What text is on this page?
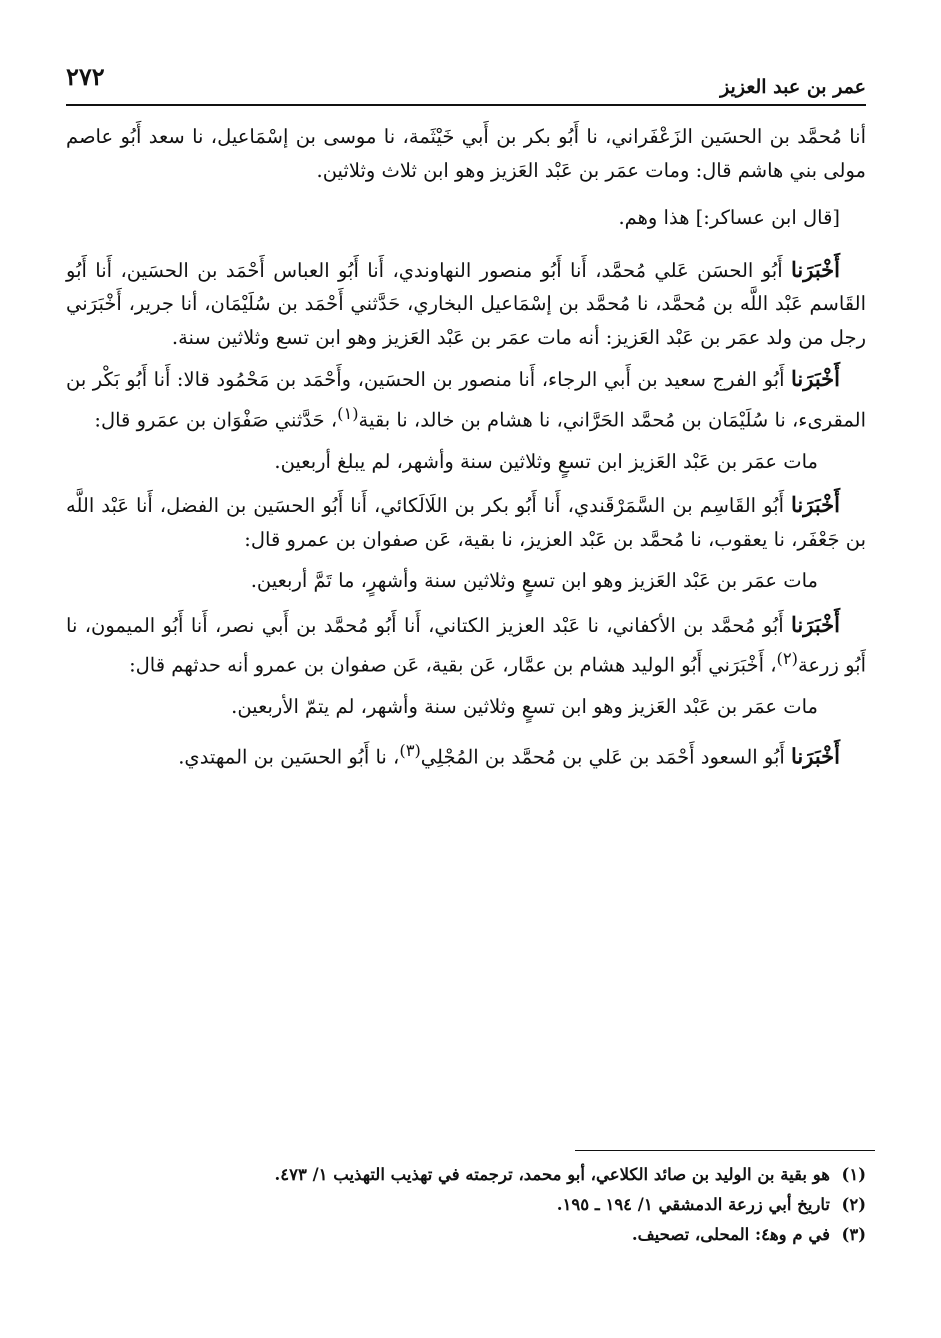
٢٧٢	عمر بن عبد العزيز

أنا مُحمَّد بن الحسَين الزَعْفَراني، نا أَبُو بكر بن أَبي خَيْثَمة، نا موسى بن إسْمَاعيل، نا سعد أَبُو عاصم مولى بني هاشم قال: ومات عمَر بن عَبْد العَزيز وهو ابن ثلاث وثلاثين.

[قال ابن عساكر:] هذا وهم.

أَخْبَرَنا أَبُو الحسَن عَلي مُحمَّد، أَنا أَبُو منصور النهاوندي، أَنا أَبُو العباس أَحْمَد بن الحسَين، أَنا أَبُو القَاسم عَبْد اللَّه بن مُحمَّد، نا مُحمَّد بن إسْمَاعيل البخاري، حَدَّثني أَحْمَد بن سُلَيْمَان، أنا جرير، أَخْبَرَني رجل من ولد عمَر بن عَبْد العَزيز: أنه مات عمَر بن عَبْد العَزيز وهو ابن تسع وثلاثين سنة.

أَخْبَرَنا أَبُو الفرج سعيد بن أَبي الرجاء، أَنا منصور بن الحسَين، وأَحْمَد بن مَحْمُود قالا: أَنا أَبُو بَكْر بن المقرىء، نا سُلَيْمَان بن مُحمَّد الحَرَّاني، نا هشام بن خالد، نا بقية$^{(١)}$، حَدَّثني صَفْوَان بن عمَرو قال:

مات عمَر بن عَبْد العَزيز ابن تسعٍ وثلاثين سنة وأشهر، لم يبلغ أربعين.

أَخْبَرَنا أَبُو القَاسِم بن السَّمَرْقَندي، أَنا أَبُو بكر بن اللَالَكائي، أَنا أَبُو الحسَين بن الفضل، أَنا عَبْد اللَّه بن جَعْفَر، نا يعقوب، نا مُحمَّد بن عَبْد العزيز، نا بقية، عَن صفوان بن عمرو قال:

مات عمَر بن عَبْد العَزيز وهو ابن تسعٍ وثلاثين سنة وأشهرٍ، ما تَمَّ أربعين.

أَخْبَرَنا أَبُو مُحمَّد بن الأكفاني، نا عَبْد العزيز الكتاني، أَنا أَبُو مُحمَّد بن أَبي نصر، أَنا أَبُو الميمون، نا أَبُو زرعة$^{(٢)}$، أَخْبَرَني أَبُو الوليد هشام بن عمَّار، عَن بقية، عَن صفوان بن عمرو أنه حدثهم قال:

مات عمَر بن عَبْد العَزيز وهو ابن تسعٍ وثلاثين سنة وأشهر، لم يتمّ الأربعين.

أَخْبَرَنا أَبُو السعود أَحْمَد بن عَلي بن مُحمَّد بن المُجْلِي$^{(٣)}$، نا أَبُو الحسَين بن المهتدي.

(١)هو بقية بن الوليد بن صائد الكلاعي، أبو محمد، ترجمته في تهذيب التهذيب ١/ ٤٧٣.

(٢)تاريخ أبي زرعة الدمشقي ١/ ١٩٤ ـ ١٩٥.

(٣)في م وﻫ٤: المحلى، تصحيف.
